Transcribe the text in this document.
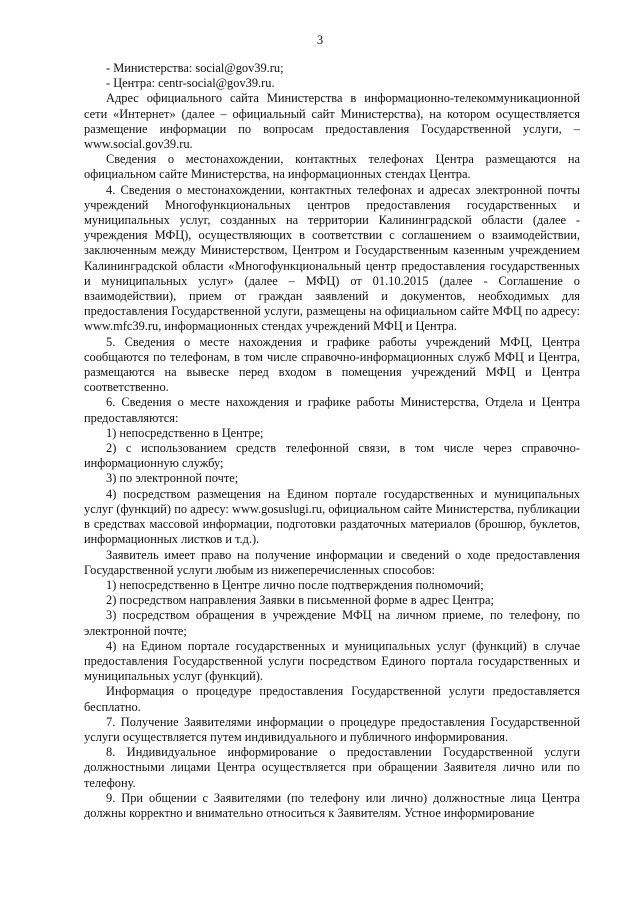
3

- Министерства: social@gov39.ru;

- Центра: centr-social@gov39.ru.

Адрес официального сайта Министерства в информационно-телекоммуникационной сети «Интернет» (далее – официальный сайт Министерства), на котором осуществляется размещение информации по вопросам предоставления Государственной услуги, – www.social.gov39.ru.

Сведения о местонахождении, контактных телефонах Центра размещаются на официальном сайте Министерства, на информационных стендах Центра.

4. Сведения о местонахождении, контактных телефонах и адресах электронной почты учреждений Многофункциональных центров предоставления государственных и муниципальных услуг, созданных на территории Калининградской области (далее - учреждения МФЦ), осуществляющих в соответствии с соглашением о взаимодействии, заключенным между Министерством, Центром и Государственным казенным учреждением Калининградской области «Многофункциональный центр предоставления государственных и муниципальных услуг» (далее – МФЦ) от 01.10.2015 (далее - Соглашение о взаимодействии), прием от граждан заявлений и документов, необходимых для предоставления Государственной услуги, размещены на официальном сайте МФЦ по адресу: www.mfc39.ru, информационных стендах учреждений МФЦ и Центра.

5. Сведения о месте нахождения и графике работы учреждений МФЦ, Центра сообщаются по телефонам, в том числе справочно-информационных служб МФЦ и Центра, размещаются на вывеске перед входом в помещения учреждений МФЦ и Центра соответственно.

6. Сведения о месте нахождения и графике работы Министерства, Отдела и Центра предоставляются:

1) непосредственно в Центре;

2) с использованием средств телефонной связи, в том числе через справочно-информационную службу;

3) по электронной почте;

4) посредством размещения на Едином портале государственных и муниципальных услуг (функций) по адресу: www.gosuslugi.ru, официальном сайте Министерства, публикации в средствах массовой информации, подготовки раздаточных материалов (брошюр, буклетов, информационных листков и т.д.).

Заявитель имеет право на получение информации и сведений о ходе предоставления Государственной услуги любым из нижеперечисленных способов:

1) непосредственно в Центре лично после подтверждения полномочий;

2) посредством направления Заявки в письменной форме в адрес Центра;

3) посредством обращения в учреждение МФЦ на личном приеме, по телефону, по электронной почте;

4) на Едином портале государственных и муниципальных услуг (функций) в случае предоставления Государственной услуги посредством Единого портала государственных и муниципальных услуг (функций).

Информация о процедуре предоставления Государственной услуги предоставляется бесплатно.

7. Получение Заявителями информации о процедуре предоставления Государственной услуги осуществляется путем индивидуального и публичного информирования.

8. Индивидуальное информирование о предоставлении Государственной услуги должностными лицами Центра осуществляется при обращении Заявителя лично или по телефону.

9. При общении с Заявителями (по телефону или лично) должностные лица Центра должны корректно и внимательно относиться к Заявителям. Устное информирование
